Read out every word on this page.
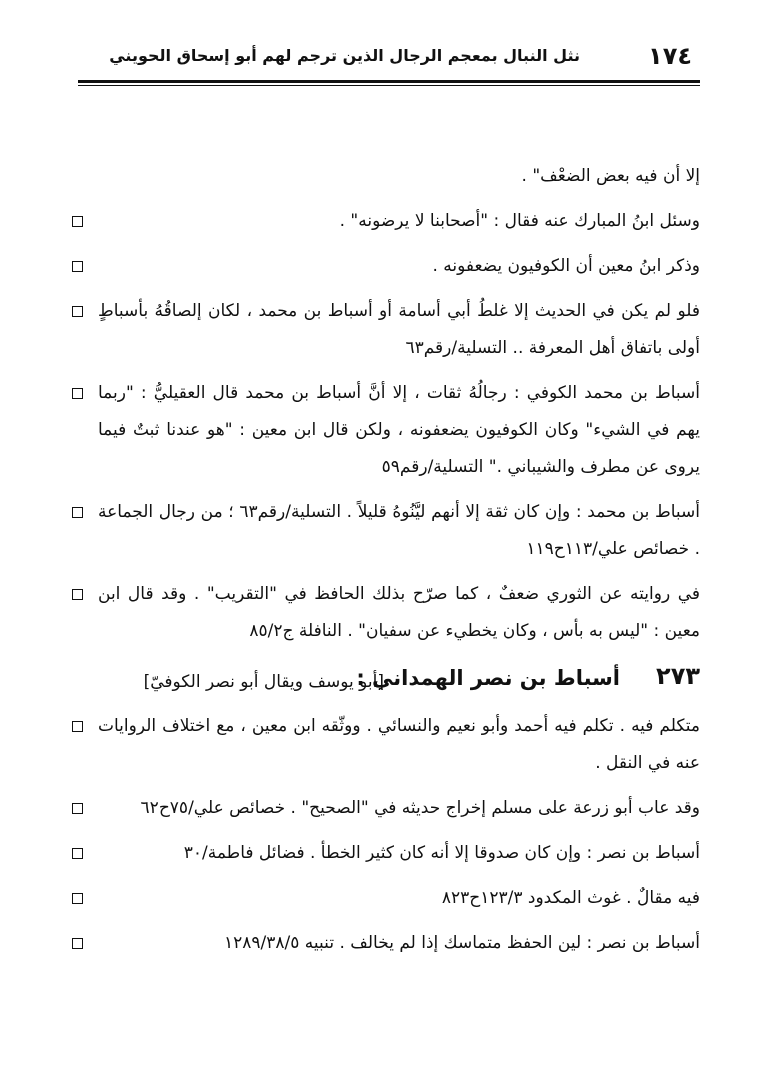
١٧٤
نثل النبال بمعجم الرجال الذين ترجم لهم أبو إسحاق الحويني

إلا أن فيه بعض الضعْف" .

وسئل ابنُ المبارك عنه فقال : "أصحابنا لا يرضونه" .

وذكر ابنُ معين أن الكوفيون يضعفونه .

فلو لم يكن في الحديث إلا غلطُ أبي أسامة أو أسباط بن محمد ، لكان إلصاقُهُ بأسباطٍ أولى باتفاق أهل المعرفة .. التسلية/رقم٦٣

أسباط بن محمد الكوفي : رجالُهُ ثقات ، إلا أنَّ أسباط بن محمد قال العقيليُّ : "ربما يهم في الشيء" وكان الكوفيون يضعفونه ، ولكن قال ابن معين : "هو عندنا ثبتٌ فيما يروى عن مطرف والشيباني ." التسلية/رقم٥٩

أسباط بن محمد : وإن كان ثقة إلا أنهم ليَّنُوهُ قليلاً . التسلية/رقم٦٣ ؛ من رجال الجماعة . خصائص علي/١١٣ح١١٩

في روايته عن الثوري ضعفٌ ، كما صرّح بذلك الحافظ في "التقريب" . وقد قال ابن معين : "ليس به بأس ، وكان يخطيء عن سفيان" . النافلة ج٨٥/٢

٢٧٣
أسباط بن نصر الهمداني :
[أبو يوسف ويقال أبو نصر الكوفيّ]

متكلم فيه . تكلم فيه أحمد وأبو نعيم والنسائي . ووثّقه ابن معين ، مع اختلاف الروايات عنه في النقل .

وقد عاب أبو زرعة على مسلم إخراج حديثه في "الصحيح" . خصائص علي/٧٥ح٦٢

أسباط بن نصر : وإن كان صدوقا إلا أنه كان كثير الخطأ . فضائل فاطمة/٣٠

فيه مقالٌ . غوث المكدود ١٢٣/٣ح٨٢٣

أسباط بن نصر : لين الحفظ متماسك إذا لم يخالف . تنبيه ١٢٨٩/٣٨/٥
